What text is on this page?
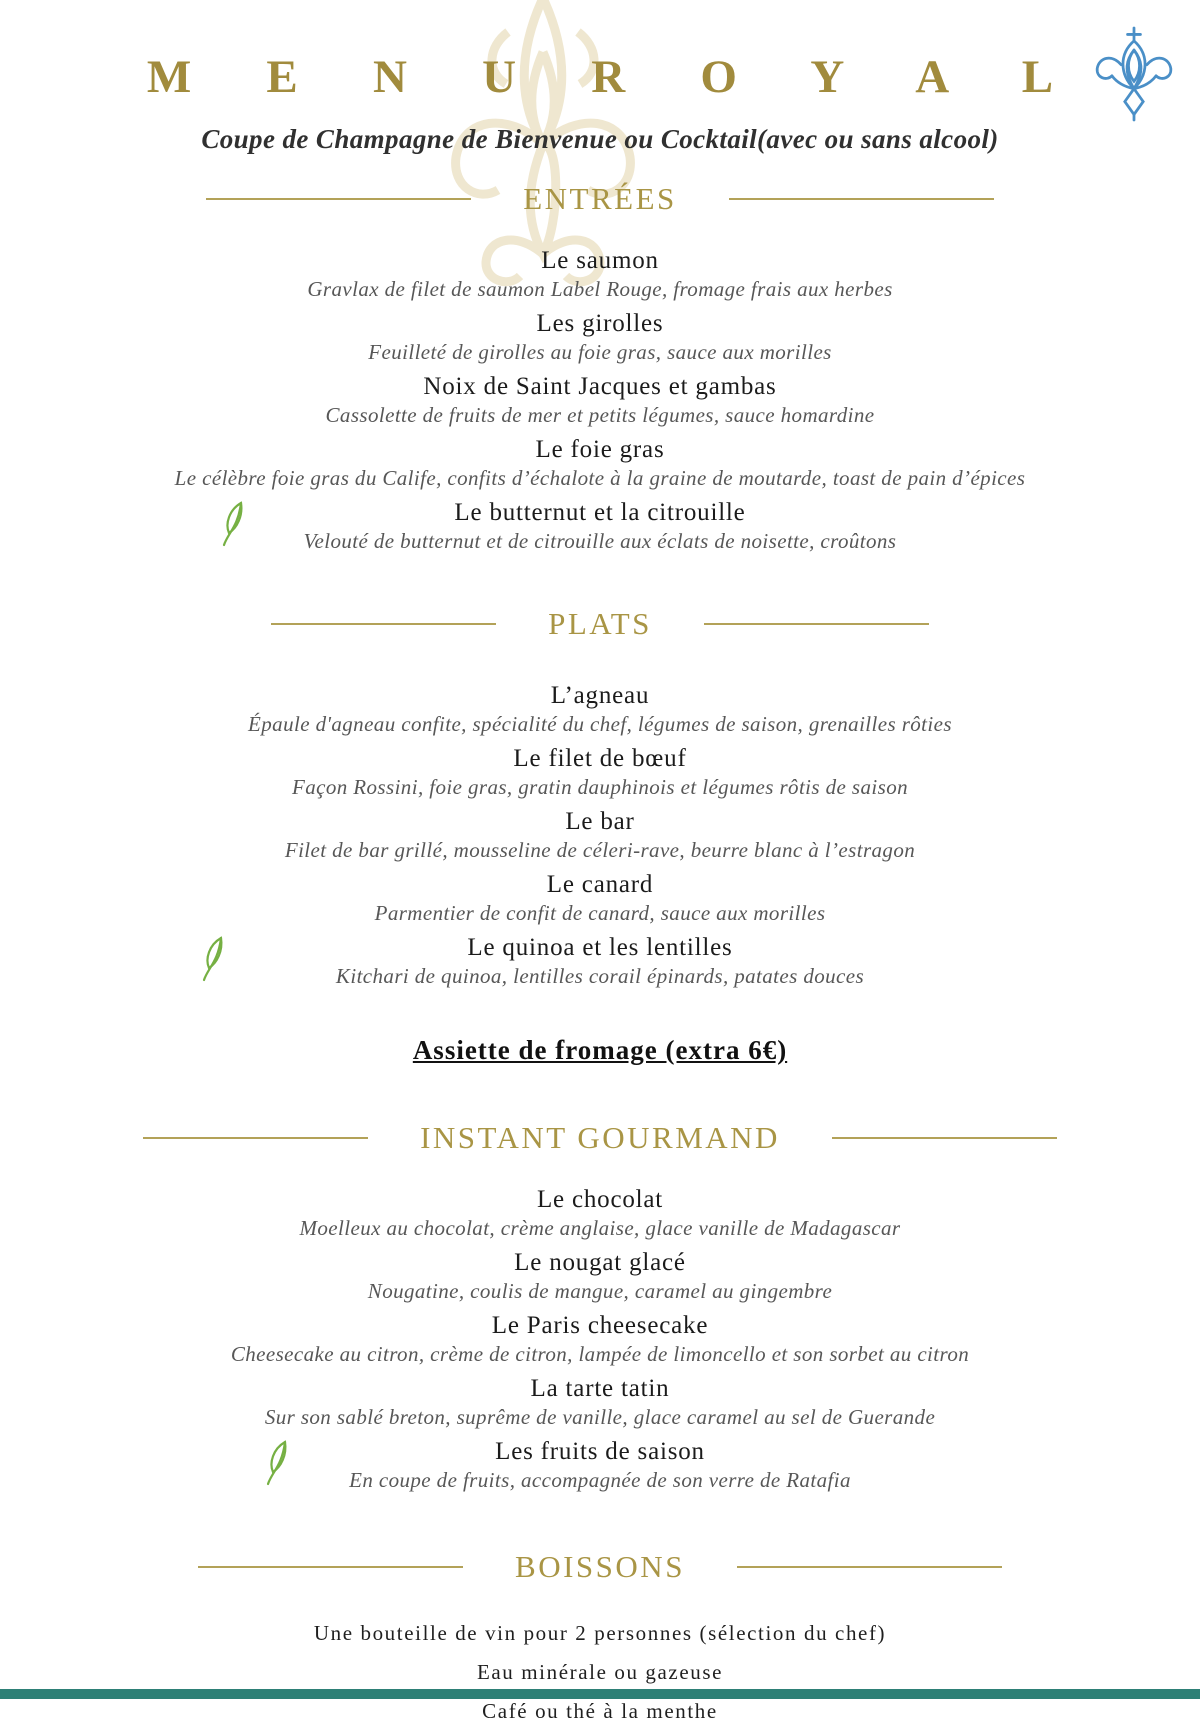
M E N U R O Y A L
Coupe de Champagne de Bienvenue ou Cocktail(avec ou sans alcool)
ENTRÉES
Le saumon
Gravlax de filet de saumon Label Rouge, fromage frais aux herbes
Les girolles
Feuilleté de girolles au foie gras, sauce aux morilles
Noix de Saint Jacques et gambas
Cassolette de fruits de mer et petits légumes, sauce homardine
Le foie gras
Le célèbre foie gras du Calife, confits d’échalote à la graine de moutarde, toast de pain d’épices
Le butternut et la citrouille
Velouté de butternut et de citrouille aux éclats de noisette, croûtons
PLATS
L’agneau
Épaule d'agneau confite, spécialité du chef, légumes de saison, grenailles rôties
Le filet de bœuf
Façon Rossini, foie gras, gratin dauphinois et légumes rôtis de saison
Le bar
Filet de bar grillé, mousseline de céleri-rave, beurre blanc à l’estragon
Le canard
Parmentier de confit de canard, sauce aux morilles
Le quinoa et les lentilles
Kitchari de quinoa, lentilles corail épinards, patates douces
Assiette de fromage (extra 6€)
INSTANT GOURMAND
Le chocolat
Moelleux au chocolat, crème anglaise, glace vanille de Madagascar
Le nougat glacé
Nougatine, coulis de mangue, caramel au gingembre
Le Paris cheesecake
Cheesecake au citron, crème de citron, lampée de limoncello et son sorbet au citron
La tarte tatin
Sur son sablé breton, suprême de vanille, glace caramel au sel de Guerande
Les fruits de saison
En coupe de fruits, accompagnée de son verre de Ratafia
BOISSONS
Une bouteille de vin pour 2 personnes (sélection du chef)
Eau minérale ou gazeuse
Café ou thé à la menthe
